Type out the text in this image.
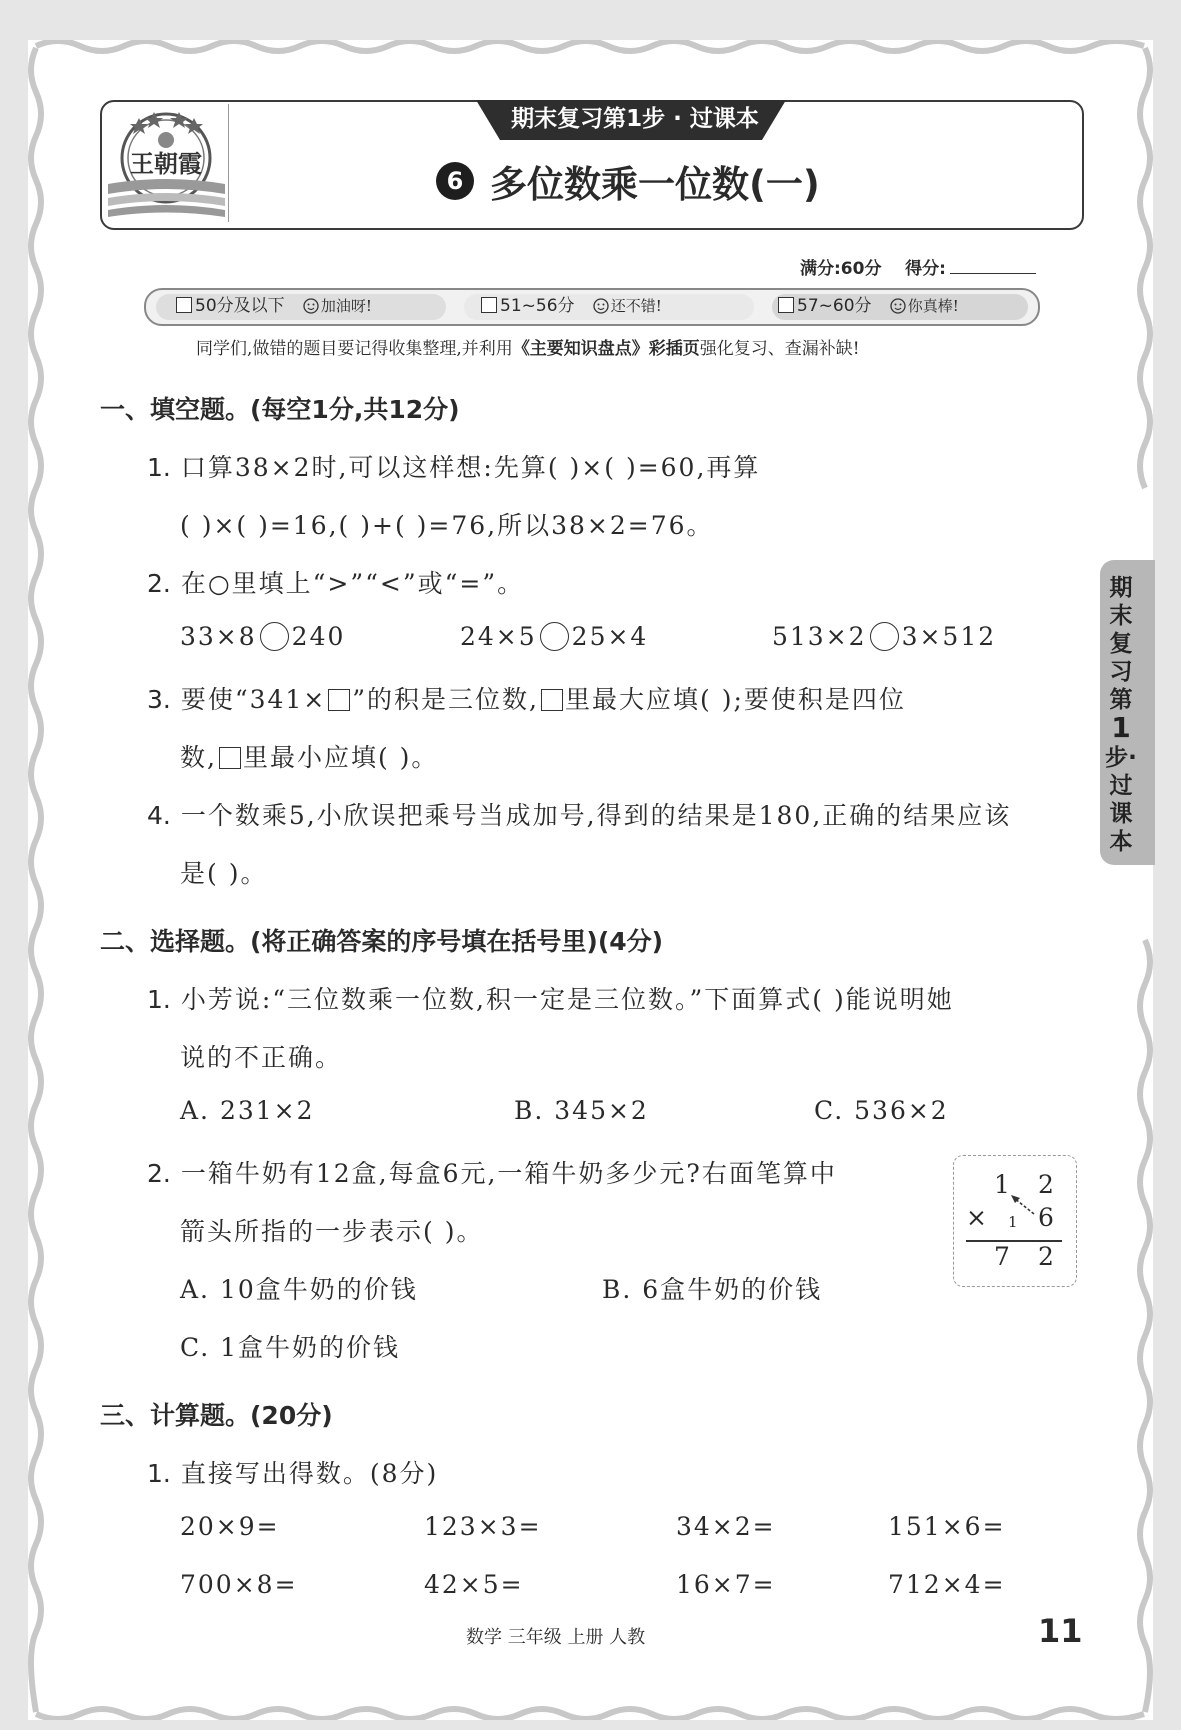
王朝霞
期末复习第1步 · 过课本
6 多位数乘一位数(一)
满分:60分 得分:
50分及以下 加油呀!	51~56分 还不错!	57~60分 你真棒!
同学们,做错的题目要记得收集整理,并利用《主要知识盘点》彩插页强化复习、查漏补缺!
期末复习第
1
步·过课本
一、填空题。(每空1分,共12分)
1. 口算38×2时,可以这样想:先算( )×( )=60,再算
( )×( )=16,( )+( )=76,所以38×2=76。
2. 在○里填上“>”“<”或“=”。
33×8 240	24×5 25×4	513×2 3×512
3. 要使“341× ”的积是三位数, 里最大应填( );要使积是四位
数, 里最小应填( )。
4. 一个数乘5,小欣误把乘号当成加号,得到的结果是180,正确的结果应该
是( )。
二、选择题。(将正确答案的序号填在括号里)(4分)
1. 小芳说:“三位数乘一位数,积一定是三位数。”下面算式( )能说明她
说的不正确。
A. 231×2	B. 345×2	C. 536×2
2. 一箱牛奶有12盒,每盒6元,一箱牛奶多少元?右面笔算中
箭头所指的一步表示( )。
A. 10盒牛奶的价钱	B. 6盒牛奶的价钱
C. 1盒牛奶的价钱
1 2
× 1 6
7 2
三、计算题。(20分)
1. 直接写出得数。(8分)
20×9=	123×3=	34×2=	151×6=
700×8=	42×5=	16×7=	712×4=
数学 三年级 上册 人教	11
